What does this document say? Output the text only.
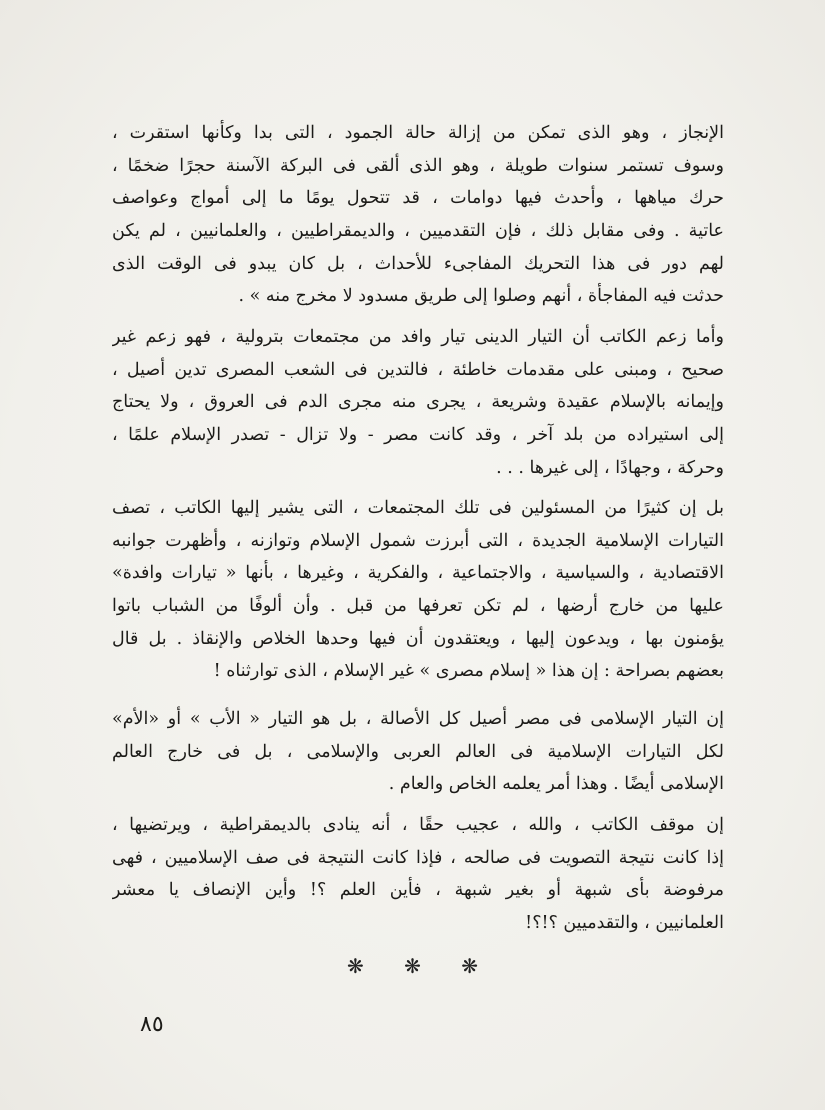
الإنجاز ، وهو الذى تمكن من إزالة حالة الجمود ، التى بدا وكأنها استقرت ،
وسوف تستمر سنوات طويلة ، وهو الذى ألقى فى البركة الآسنة حجرًا ضخمًا ،
حرك مياهها ، وأحدث فيها دوامات ، قد تتحول يومًا ما إلى أمواج وعواصف
عاتية . وفى مقابل ذلك ، فإن التقدميين ، والديمقراطيين ، والعلمانيين ، لم يكن
لهم دور فى هذا التحريك المفاجىء للأحداث ، بل كان يبدو فى الوقت الذى
حدثت فيه المفاجأة ، أنهم وصلوا إلى طريق مسدود لا مخرج منه » .
وأما زعم الكاتب أن التيار الدينى تيار وافد من مجتمعات بترولية ، فهو زعم غير
صحيح ، ومبنى على مقدمات خاطئة ، فالتدين فى الشعب المصرى تدين أصيل ،
وإيمانه بالإسلام عقيدة وشريعة ، يجرى منه مجرى الدم فى العروق ، ولا يحتاج
إلى استيراده من بلد آخر ، وقد كانت مصر - ولا تزال - تصدر الإسلام علمًا ،
وحركة ، وجهادًا ، إلى غيرها . . .
بل إن كثيرًا من المسئولين فى تلك المجتمعات ، التى يشير إليها الكاتب ، تصف
التيارات الإسلامية الجديدة ، التى أبرزت شمول الإسلام وتوازنه ، وأظهرت جوانبه
الاقتصادية ، والسياسية ، والاجتماعية ، والفكرية ، وغيرها ، بأنها « تيارات وافدة»
عليها من خارج أرضها ، لم تكن تعرفها من قبل . وأن ألوفًا من الشباب باتوا
يؤمنون بها ، ويدعون إليها ، ويعتقدون أن فيها وحدها الخلاص والإنقاذ . بل قال
بعضهم بصراحة : إن هذا « إسلام مصرى » غير الإسلام ، الذى توارثناه !
إن التيار الإسلامى فى مصر أصيل كل الأصالة ، بل هو التيار « الأب » أو «الأم»
لكل التيارات الإسلامية فى العالم العربى والإسلامى ، بل فى خارج العالم
الإسلامى أيضًا . وهذا أمر يعلمه الخاص والعام .
إن موقف الكاتب ، والله ، عجيب حقًا ، أنه ينادى بالديمقراطية ، ويرتضيها ،
إذا كانت نتيجة التصويت فى صالحه ، فإذا كانت النتيجة فى صف الإسلاميين ، فهى
مرفوضة بأى شبهة أو بغير شبهة ، فأين العلم ؟! وأين الإنصاف يا معشر
العلمانيين ، والتقدميين ؟!؟!
❋ ❋ ❋
٨٥
